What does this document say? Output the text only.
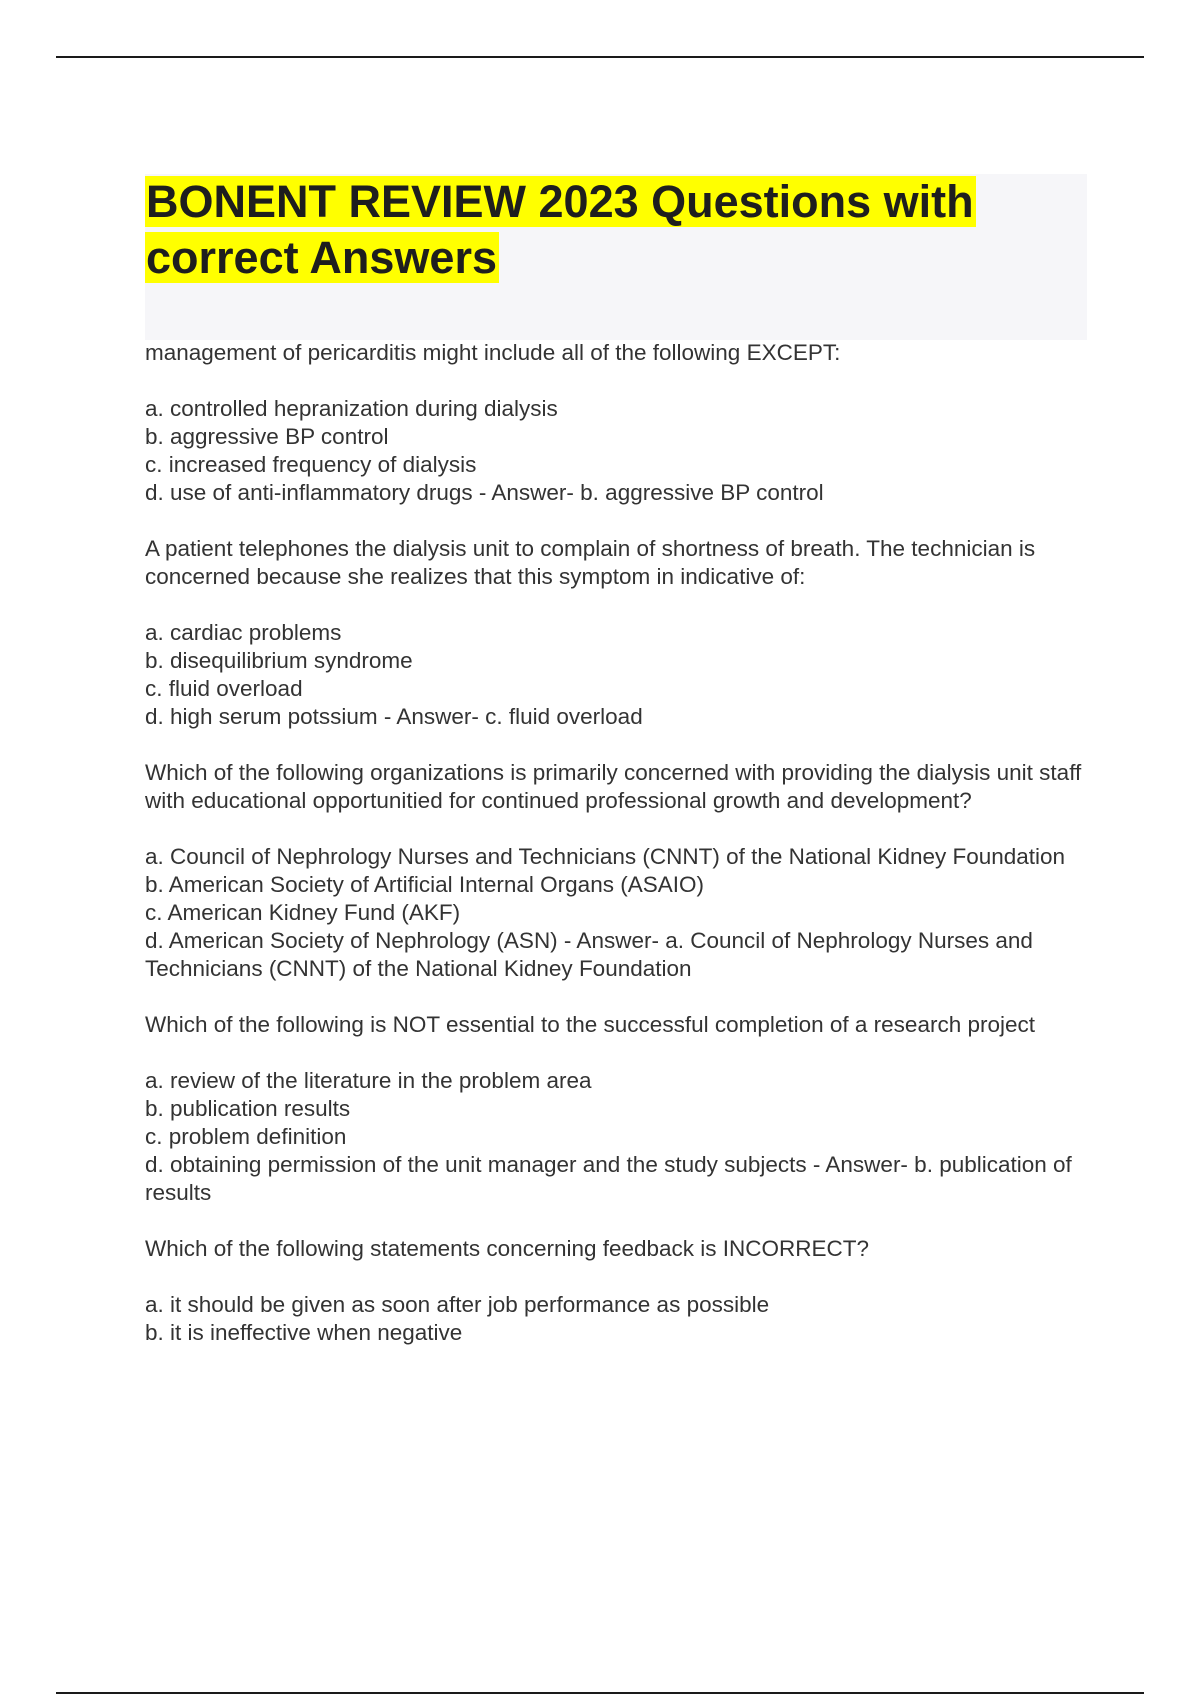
BONENT REVIEW 2023 Questions with correct Answers

management of pericarditis might include all of the following EXCEPT:

a. controlled hepranization during dialysis

b. aggressive BP control

c. increased frequency of dialysis

d. use of anti-inflammatory drugs - Answer- b. aggressive BP control

A patient telephones the dialysis unit to complain of shortness of breath. The technician is concerned because she realizes that this symptom in indicative of:

a. cardiac problems

b. disequilibrium syndrome

c. fluid overload

d. high serum potssium - Answer- c. fluid overload

Which of the following organizations is primarily concerned with providing the dialysis unit staff with educational opportunitied for continued professional growth and development?

a. Council of Nephrology Nurses and Technicians (CNNT) of the National Kidney Foundation

b. American Society of Artificial Internal Organs (ASAIO)

c. American Kidney Fund (AKF)

d. American Society of Nephrology (ASN) - Answer- a. Council of Nephrology Nurses and Technicians (CNNT) of the National Kidney Foundation

Which of the following is NOT essential to the successful completion of a research project

a. review of the literature in the problem area

b. publication results

c. problem definition

d. obtaining permission of the unit manager and the study subjects - Answer- b. publication of results

Which of the following statements concerning feedback is INCORRECT?

a. it should be given as soon after job performance as possible

b. it is ineffective when negative
